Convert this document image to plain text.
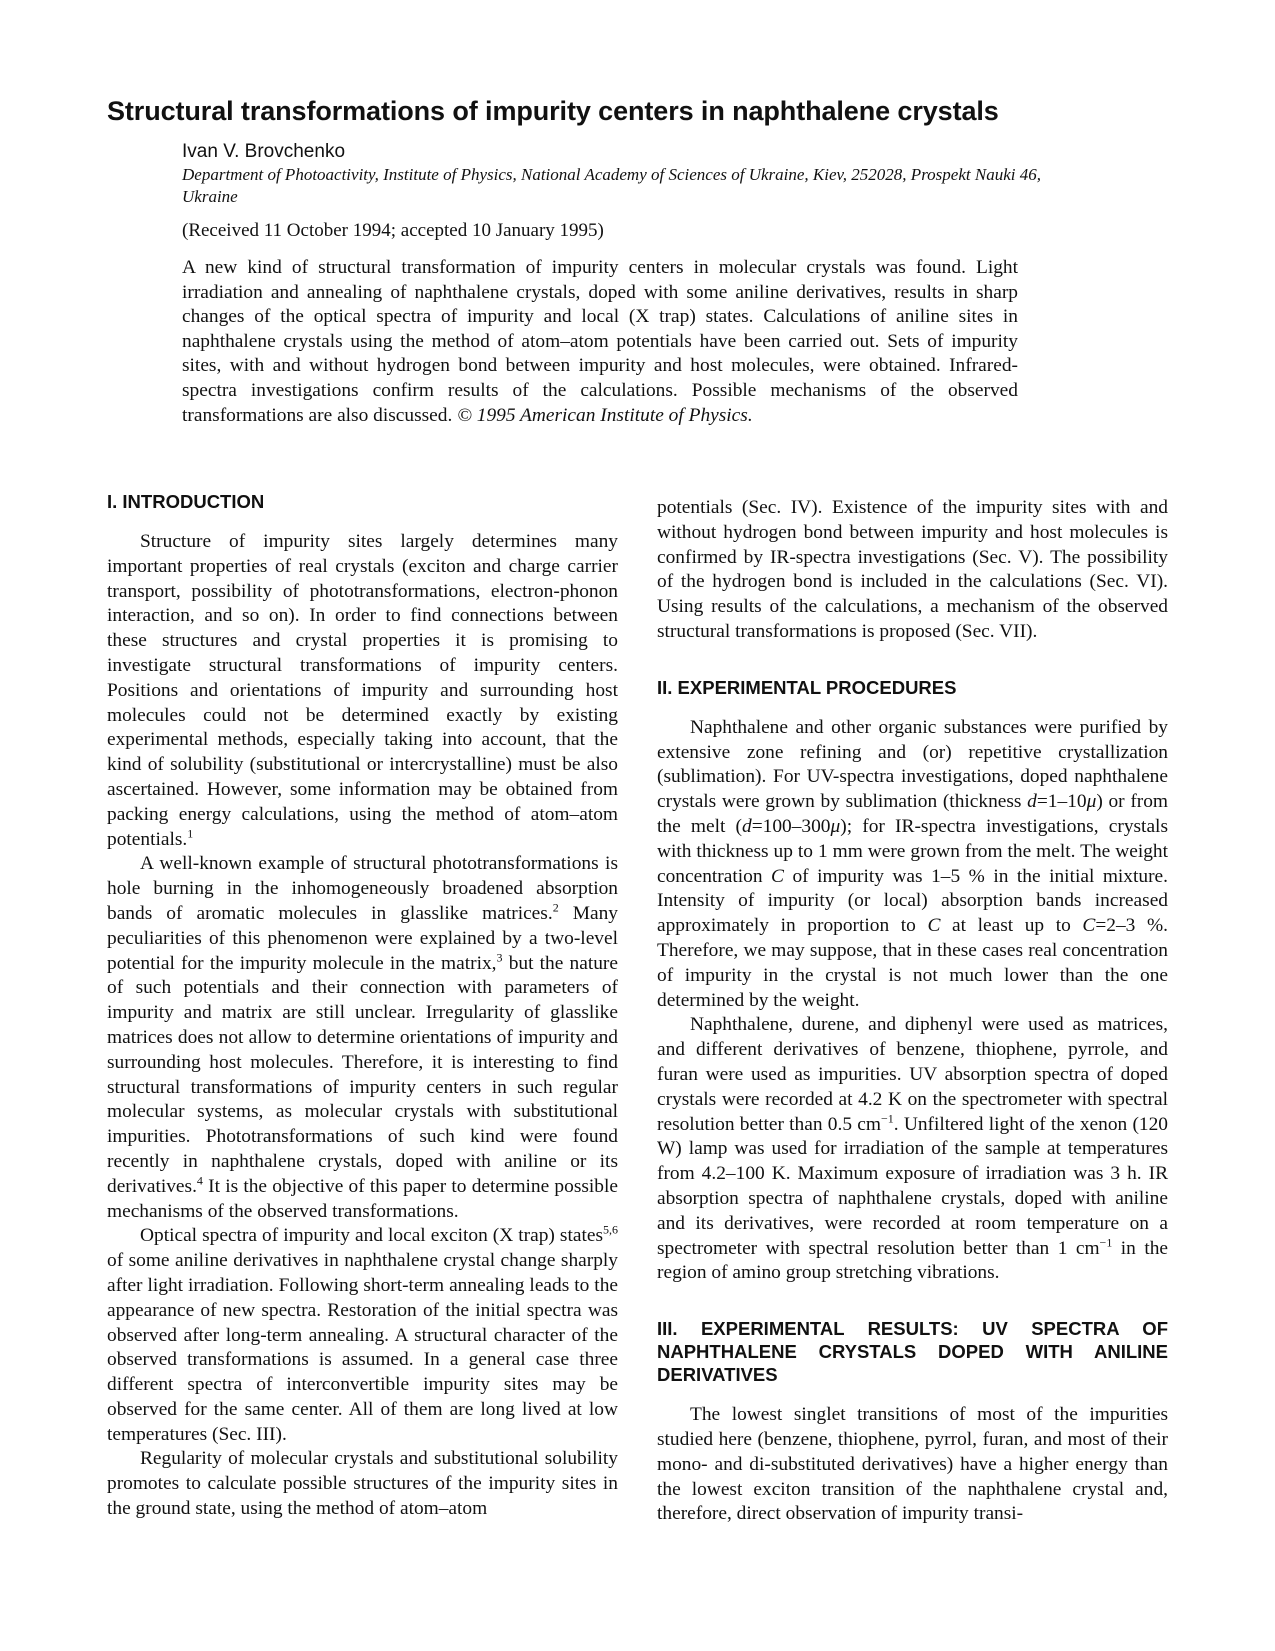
Structural transformations of impurity centers in naphthalene crystals
Ivan V. Brovchenko
Department of Photoactivity, Institute of Physics, National Academy of Sciences of Ukraine, Kiev, 252028, Prospekt Nauki 46, Ukraine
(Received 11 October 1994; accepted 10 January 1995)
A new kind of structural transformation of impurity centers in molecular crystals was found. Light irradiation and annealing of naphthalene crystals, doped with some aniline derivatives, results in sharp changes of the optical spectra of impurity and local (X trap) states. Calculations of aniline sites in naphthalene crystals using the method of atom–atom potentials have been carried out. Sets of impurity sites, with and without hydrogen bond between impurity and host molecules, were obtained. Infrared-spectra investigations confirm results of the calculations. Possible mechanisms of the observed transformations are also discussed. © 1995 American Institute of Physics.
I. INTRODUCTION

Structure of impurity sites largely determines many important properties of real crystals (exciton and charge carrier transport, possibility of phototransformations, electron-phonon interaction, and so on). In order to find connections between these structures and crystal properties it is promising to investigate structural transformations of impurity centers. Positions and orientations of impurity and surrounding host molecules could not be determined exactly by existing experimental methods, especially taking into account, that the kind of solubility (substitutional or intercrystalline) must be also ascertained. However, some information may be obtained from packing energy calculations, using the method of atom–atom potentials.$^1$

A well-known example of structural phototransformations is hole burning in the inhomogeneously broadened absorption bands of aromatic molecules in glasslike matrices.$^2$ Many peculiarities of this phenomenon were explained by a two-level potential for the impurity molecule in the matrix,$^3$ but the nature of such potentials and their connection with parameters of impurity and matrix are still unclear. Irregularity of glasslike matrices does not allow to determine orientations of impurity and surrounding host molecules. Therefore, it is interesting to find structural transformations of impurity centers in such regular molecular systems, as molecular crystals with substitutional impurities. Phototransformations of such kind were found recently in naphthalene crystals, doped with aniline or its derivatives.$^4$ It is the objective of this paper to determine possible mechanisms of the observed transformations.

Optical spectra of impurity and local exciton (X trap) states$^{5,6}$ of some aniline derivatives in naphthalene crystal change sharply after light irradiation. Following short-term annealing leads to the appearance of new spectra. Restoration of the initial spectra was observed after long-term annealing. A structural character of the observed transformations is assumed. In a general case three different spectra of interconvertible impurity sites may be observed for the same center. All of them are long lived at low temperatures (Sec. III).

Regularity of molecular crystals and substitutional solubility promotes to calculate possible structures of the impurity sites in the ground state, using the method of atom–atom

potentials (Sec. IV). Existence of the impurity sites with and without hydrogen bond between impurity and host molecules is confirmed by IR-spectra investigations (Sec. V). The possibility of the hydrogen bond is included in the calculations (Sec. VI). Using results of the calculations, a mechanism of the observed structural transformations is proposed (Sec. VII).

II. EXPERIMENTAL PROCEDURES

Naphthalene and other organic substances were purified by extensive zone refining and (or) repetitive crystallization (sublimation). For UV-spectra investigations, doped naphthalene crystals were grown by sublimation (thickness d=1–10μ) or from the melt (d=100–300μ); for IR-spectra investigations, crystals with thickness up to 1 mm were grown from the melt. The weight concentration C of impurity was 1–5 % in the initial mixture. Intensity of impurity (or local) absorption bands increased approximately in proportion to C at least up to C=2–3 %. Therefore, we may suppose, that in these cases real concentration of impurity in the crystal is not much lower than the one determined by the weight.

Naphthalene, durene, and diphenyl were used as matrices, and different derivatives of benzene, thiophene, pyrrole, and furan were used as impurities. UV absorption spectra of doped crystals were recorded at 4.2 K on the spectrometer with spectral resolution better than 0.5 $cm^{-1}$. Unfiltered light of the xenon (120 W) lamp was used for irradiation of the sample at temperatures from 4.2–100 K. Maximum exposure of irradiation was 3 h. IR absorption spectra of naphthalene crystals, doped with aniline and its derivatives, were recorded at room temperature on a spectrometer with spectral resolution better than 1 $cm^{-1}$ in the region of amino group stretching vibrations.

III. EXPERIMENTAL RESULTS: UV SPECTRA OF NAPHTHALENE CRYSTALS DOPED WITH ANILINE DERIVATIVES

The lowest singlet transitions of most of the impurities studied here (benzene, thiophene, pyrrol, furan, and most of their mono- and di-substituted derivatives) have a higher energy than the lowest exciton transition of the naphthalene crystal and, therefore, direct observation of impurity transi-
